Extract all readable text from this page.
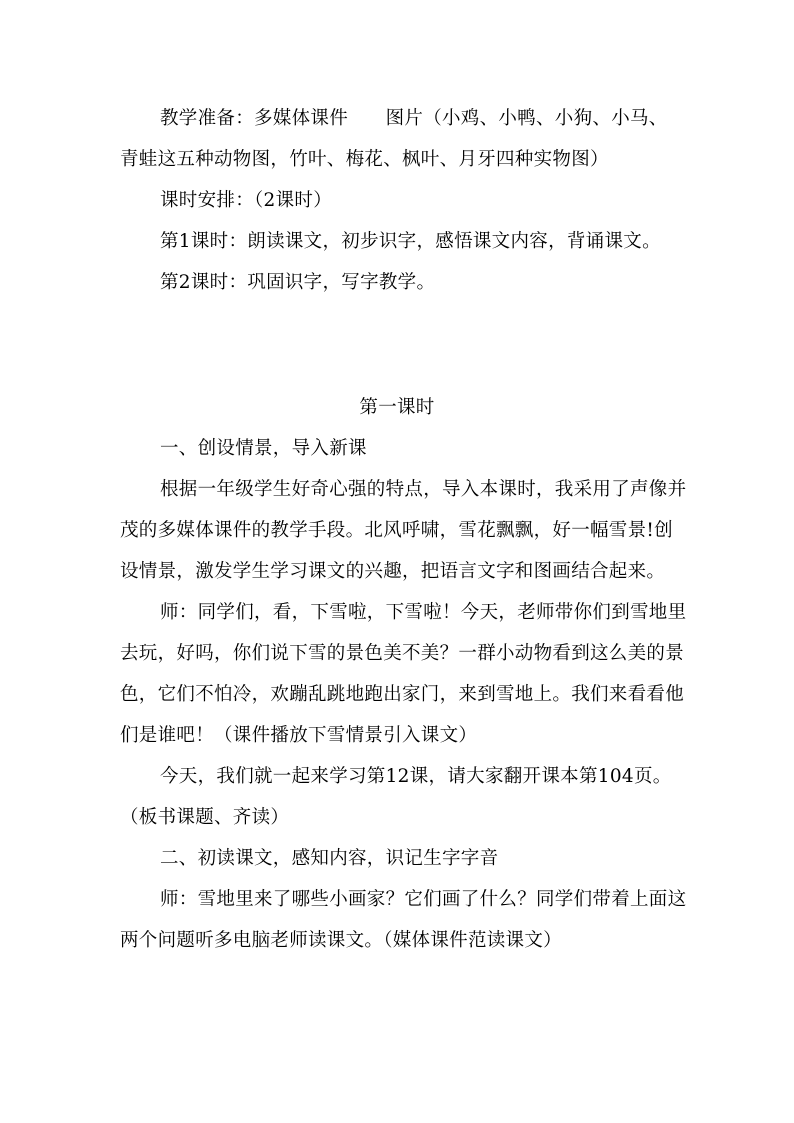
教学准备：多媒体课件　　图片（小鸡、小鸭、小狗、小马、
青蛙这五种动物图，竹叶、梅花、枫叶、月牙四种实物图）
课时安排：（2课时）
第1课时：朗读课文，初步识字，感悟课文内容，背诵课文。
第2课时：巩固识字，写字教学。
第一课时
一、创设情景，导入新课
根据一年级学生好奇心强的特点，导入本课时，我采用了声像并
茂的多媒体课件的教学手段。北风呼啸，雪花飘飘，好一幅雪景!创
设情景，激发学生学习课文的兴趣，把语言文字和图画结合起来。
师：同学们，看，下雪啦，下雪啦！今天，老师带你们到雪地里
去玩，好吗，你们说下雪的景色美不美？一群小动物看到这么美的景
色，它们不怕冷，欢蹦乱跳地跑出家门，来到雪地上。我们来看看他
们是谁吧！（课件播放下雪情景引入课文）
今天，我们就一起来学习第12课，请大家翻开课本第104页。
（板书课题、齐读）
二、初读课文，感知内容，识记生字字音
师：雪地里来了哪些小画家？它们画了什么？同学们带着上面这
两个问题听多电脑老师读课文。（媒体课件范读课文）
